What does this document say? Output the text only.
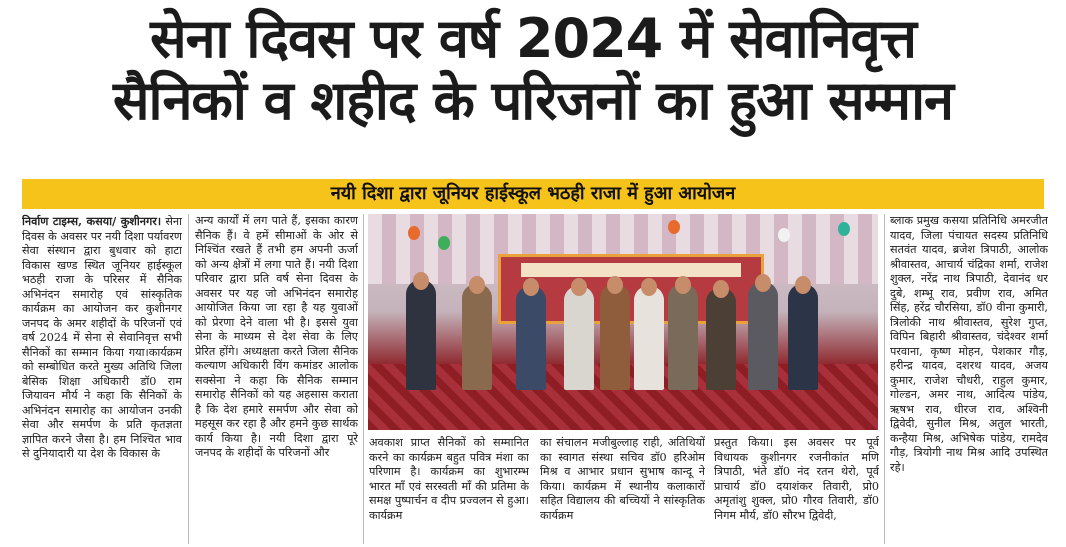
सेना दिवस पर वर्ष 2024 में सेवानिवृत्त
सैनिकों व शहीद के परिजनों का हुआ सम्मान
नयी दिशा द्वारा जूनियर हाईस्कूल भठही राजा में हुआ आयोजन
निर्वाण टाइम्स, कसया/ कुशीनगर। सेना दिवस के अवसर पर नयी दिशा पर्यावरण सेवा संस्थान द्वारा बुधवार को हाटा विकास खण्ड स्थित जूनियर हाईस्कूल भठही राजा के परिसर में सैनिक अभिनंदन समारोह एवं सांस्कृतिक कार्यक्रम का आयोजन कर कुशीनगर जनपद के अमर शहीदों के परिजनों एवं वर्ष 2024 में सेना से सेवानिवृत्त सभी सैनिकों का सम्मान किया गया।कार्यक्रम को सम्बोधित करते मुख्य अतिथि जिला बेसिक शिक्षा अधिकारी डॉ0 राम जियावन मौर्य ने कहा कि सैनिकों के अभिनंदन समारोह का आयोजन उनकी सेवा और समर्पण के प्रति कृतज्ञता ज्ञापित करने जैसा है। हम निश्चित भाव से दुनियादारी या देश के विकास के
अन्य कार्यों में लग पाते हैं, इसका कारण सैनिक हैं। वे हमें सीमाओं के ओर से निश्चिंत रखते हैं तभी हम अपनी ऊर्जा को अन्य क्षेत्रों में लगा पाते हैं। नयी दिशा परिवार द्वारा प्रति वर्ष सेना दिवस के अवसर पर यह जो अभिनंदन समारोह आयोजित किया जा रहा है यह युवाओं को प्रेरणा देने वाला भी है। इससे युवा सेना के माध्यम से देश सेवा के लिए प्रेरित होंगे। अध्यक्षता करते जिला सैनिक कल्याण अधिकारी विंग कमांडर आलोक सक्सेना ने कहा कि सैनिक सम्मान समारोह सैनिकों को यह अहसास कराता है कि देश हमारे समर्पण और सेवा को महसूस कर रहा है और हमने कुछ सार्थक कार्य किया है। नयी दिशा द्वारा पूरे जनपद के शहीदों के परिजनों और
अवकाश प्राप्त सैनिकों को सम्मानित करने का कार्यक्रम बहुत पवित्र मंशा का परिणाम है। कार्यक्रम का शुभारम्भ भारत माँ एवं सरस्वती माँ की प्रतिमा के समक्ष पुष्पार्चन व दीप प्रज्वलन से हुआ। कार्यक्रम
का संचालन मजीबुल्लाह राही, अतिथियों का स्वागत संस्था सचिव डॉ0 हरिओम मिश्र व आभार प्रधान सुभाष कान्दू ने किया। कार्यक्रम में स्थानीय कलाकारों सहित विद्यालय की बच्चियों ने सांस्कृतिक कार्यक्रम
प्रस्तुत किया। इस अवसर पर पूर्व विधायक कुशीनगर रजनीकांत मणि त्रिपाठी, भंते डॉ0 नंद रतन थेरो, पूर्व प्राचार्य डॉ0 दयाशंकर तिवारी, प्रो0 अमृतांशु शुक्ल, प्रो0 गौरव तिवारी, डॉ0 निगम मौर्य, डॉ0 सौरभ द्विवेदी,
ब्लाक प्रमुख कसया प्रतिनिधि अमरजीत यादव, जिला पंचायत सदस्य प्रतिनिधि सतवंत यादव, ब्रजेश त्रिपाठी, आलोक श्रीवास्तव, आचार्य चंद्रिका शर्मा, राजेश शुक्ल, नरेंद्र नाथ त्रिपाठी, देवानंद धर दुबे, शम्भू राव, प्रवीण राव, अमित सिंह, हरेंद्र चौरसिया, डॉ0 वीना कुमारी, त्रिलोकी नाथ श्रीवास्तव, सुरेश गुप्त, विपिन बिहारी श्रीवास्तव, चंदेश्वर शर्मा परवाना, कृष्ण मोहन, पेशकार गौड़, हरीन्द्र यादव, दशरथ यादव, अजय कुमार, राजेश चौधरी, राहुल कुमार, गोल्डन, अमर नाथ, आदित्य पांडेय, ऋषभ राव, धीरज राव, अश्विनी द्विवेदी, सुनील मिश्र, अतुल भारती, कन्हैया मिश्र, अभिषेक पांडेय, रामदेव गौड़, त्रियोगी नाथ मिश्र आदि उपस्थित रहे।
